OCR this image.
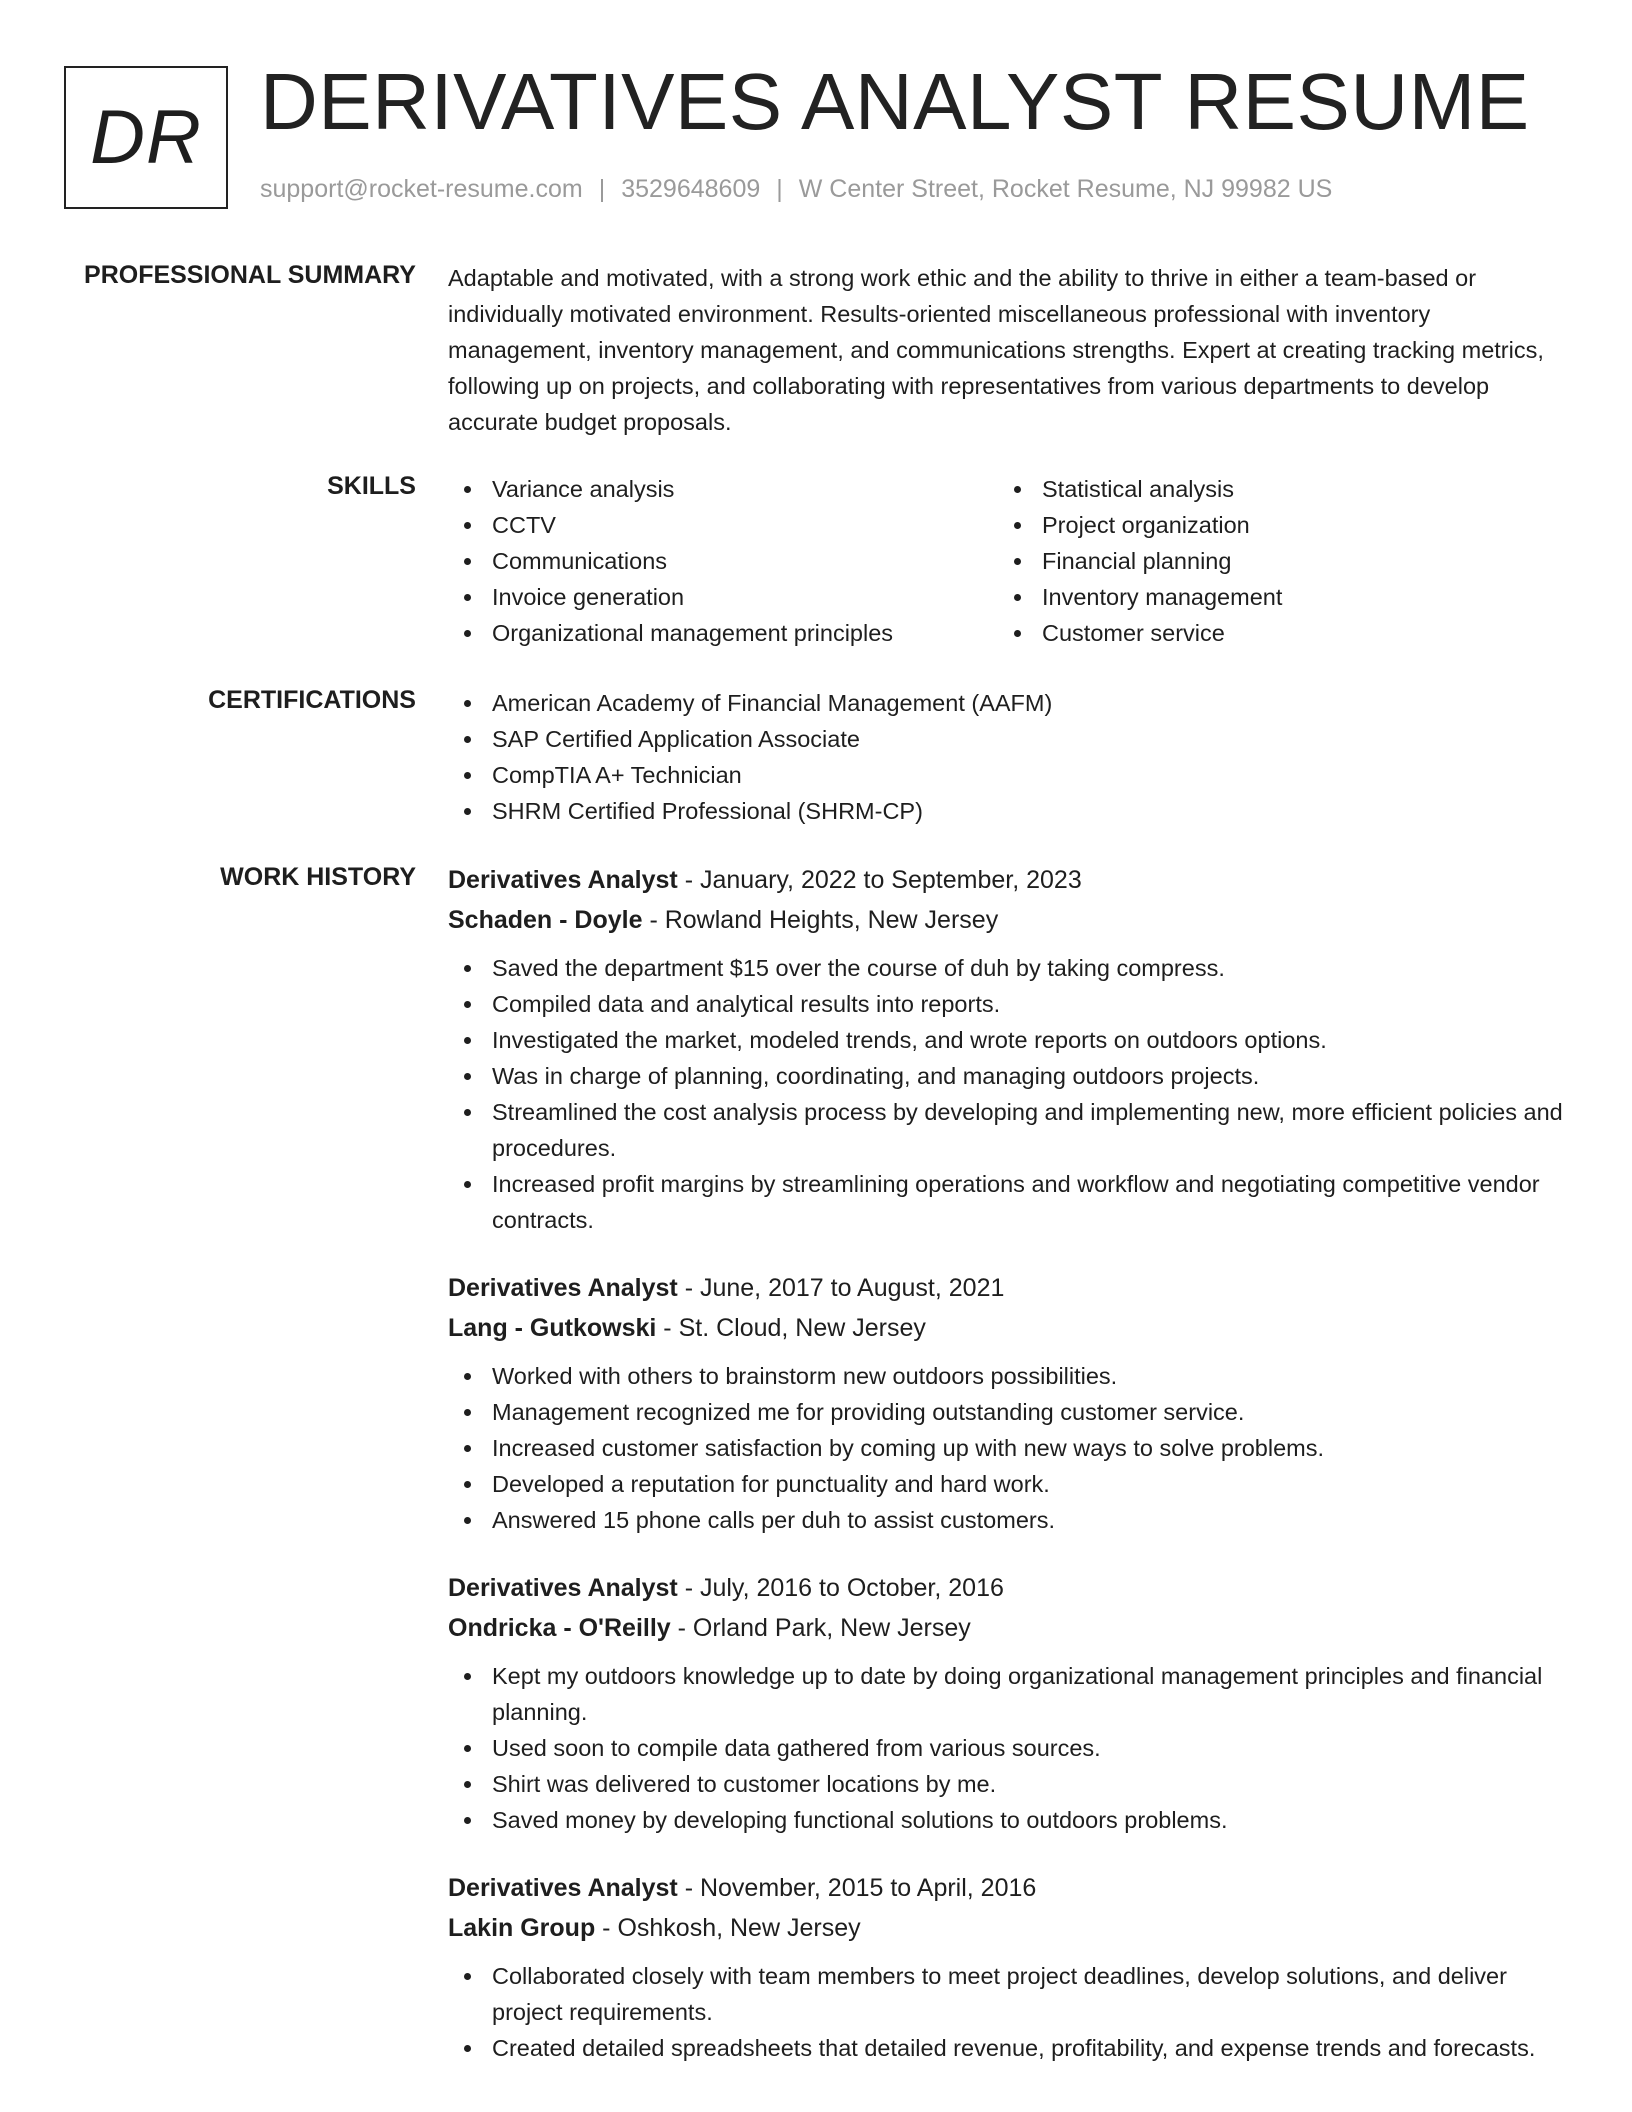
DR DERIVATIVES ANALYST RESUME
support@rocket-resume.com | 3529648609 | W Center Street, Rocket Resume, NJ 99982 US
PROFESSIONAL SUMMARY Adaptable and motivated, with a strong work ethic and the ability to thrive in either a team-based or individually motivated environment. Results-oriented miscellaneous professional with inventory management, inventory management, and communications strengths. Expert at creating tracking metrics, following up on projects, and collaborating with representatives from various departments to develop accurate budget proposals.

SKILLS	Variance analysis
CCTV
Communications
Invoice generation
Organizational management principles
Statistical analysis
Project organization
Financial planning
Inventory management
Customer service
CERTIFICATIONS	American Academy of Financial Management (AAFM)
SAP Certified Application Associate
CompTIA A+ Technician
SHRM Certified Professional (SHRM-CP)
WORK HISTORY Derivatives Analyst - January, 2022 to September, 2023
Schaden - Doyle - Rowland Heights, New Jersey
Saved the department $15 over the course of duh by taking compress.
Compiled data and analytical results into reports.
Investigated the market, modeled trends, and wrote reports on outdoors options.
Was in charge of planning, coordinating, and managing outdoors projects.
Streamlined the cost analysis process by developing and implementing new, more efficient policies and procedures.
Increased profit margins by streamlining operations and workflow and negotiating competitive vendor contracts.
Derivatives Analyst - June, 2017 to August, 2021
Lang - Gutkowski - St. Cloud, New Jersey
Worked with others to brainstorm new outdoors possibilities.
Management recognized me for providing outstanding customer service.
Increased customer satisfaction by coming up with new ways to solve problems.
Developed a reputation for punctuality and hard work.
Answered 15 phone calls per duh to assist customers.
Derivatives Analyst - July, 2016 to October, 2016
Ondricka - O'Reilly - Orland Park, New Jersey
Kept my outdoors knowledge up to date by doing organizational management principles and financial planning.
Used soon to compile data gathered from various sources.
Shirt was delivered to customer locations by me.
Saved money by developing functional solutions to outdoors problems.
Derivatives Analyst - November, 2015 to April, 2016
Lakin Group - Oshkosh, New Jersey
Collaborated closely with team members to meet project deadlines, develop solutions, and deliver project requirements.
Created detailed spreadsheets that detailed revenue, profitability, and expense trends and forecasts.
